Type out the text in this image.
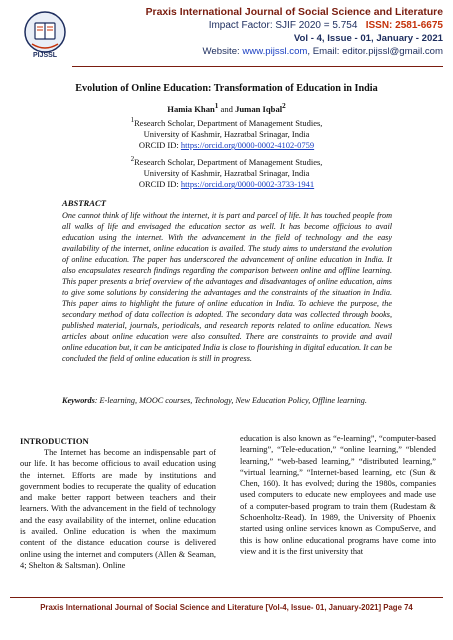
PIJSSL
Praxis International Journal of Social Science and Literature
Impact Factor: SJIF 2020 = 5.754 ISSN: 2581-6675
Vol - 4, Issue - 01, January - 2021
Website: www.pijssl.com, Email: editor.pijssl@gmail.com
Evolution of Online Education: Transformation of Education in India
Hamia Khan$^1$ and Juman Iqbal$^2$
$^1$Research Scholar, Department of Management Studies,
University of Kashmir, Hazratbal Srinagar, India
ORCID ID: https://orcid.org/0000-0002-4102-0759
$^2$Research Scholar, Department of Management Studies,
University of Kashmir, Hazratbal Srinagar, India
ORCID ID: https://orcid.org/0000-0002-3733-1941
ABSTRACT
One cannot think of life without the internet, it is part and parcel of life. It has touched people from all walks of life and envisaged the education sector as well. It has become officious to avail education using the internet. With the advancement in the field of technology and the easy availability of the internet, online education is availed. The study aims to understand the evolution of online education. The paper has underscored the advancement of online education in India. It also encapsulates research findings regarding the comparison between online and offline learning. This paper presents a brief overview of the advantages and disadvantages of online education, aims to give some solutions by considering the advantages and the constraints of the situation in India. This paper aims to highlight the future of online education in India. To achieve the purpose, the secondary method of data collection is adopted. The secondary data was collected through books, published material, journals, periodicals, and research reports related to online education. News articles about online education were also consulted. There are constraints to provide and avail online education but, it can be anticipated India is close to flourishing in digital education. It can be concluded the field of online education is still in progress.
Keywords: E-learning, MOOC courses, Technology, New Education Policy, Offline learning.
INTRODUCTION
The Internet has become an indispensable part of our life. It has become officious to avail education using the internet. Efforts are made by institutions and government bodies to recuperate the quality of education and make better rapport between teachers and their learners. With the advancement in the field of technology and the easy availability of the internet, online education is availed. Online education is when the maximum content of the distance education course is delivered online using the internet and computers (Allen & Seaman, 4; Shelton & Saltsman). Online
education is also known as “e-learning”, “computer-based learning”, “Tele-education,” “online learning,” “blended learning,” “web-based learning,” “distributed learning,” “virtual learning,” “Internet-based learning, etc (Sun & Chen, 160). It has evolved; during the 1980s, companies used computers to educate new employees and made use of a computer-based program to train them (Rudestam & Schoenholtz-Read). In 1989, the University of Phoenix started using online services known as CompuServe, and this is how online educational programs have come into view and it is the first university that
Praxis International Journal of Social Science and Literature [Vol-4, Issue- 01, January-2021] Page 74
